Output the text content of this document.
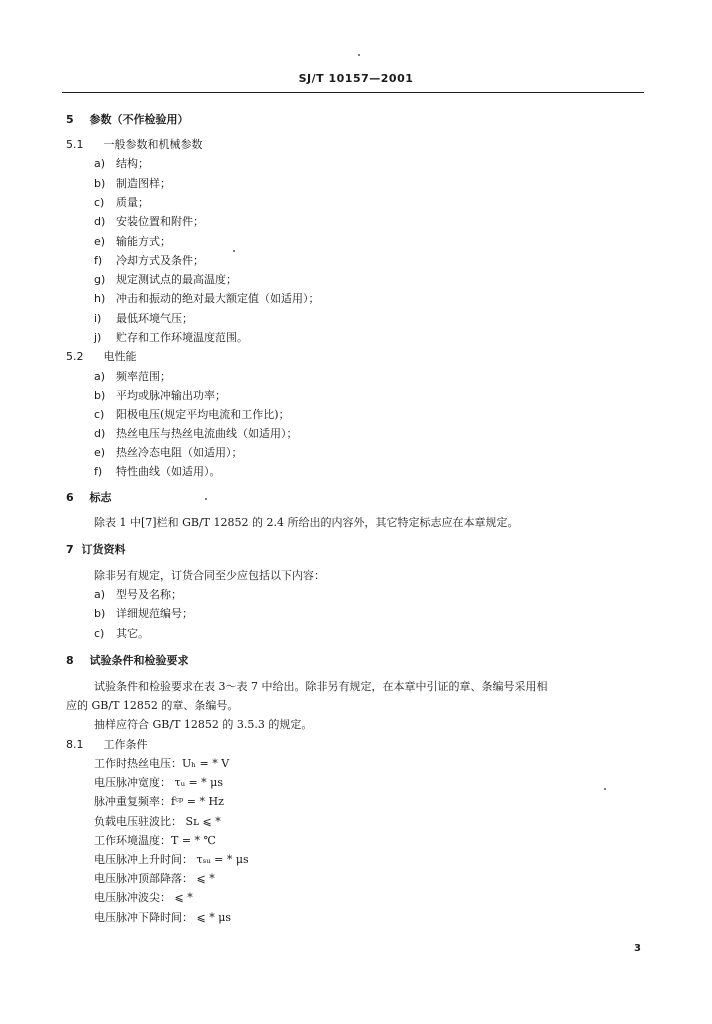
SJ/T 10157—2001
5 参数（不作检验用）
5.1 一般参数和机械参数
a) 结构；
b) 制造图样；
c) 质量；
d) 安装位置和附件；
e) 输能方式；
f) 冷却方式及条件；
g) 规定测试点的最高温度；
h) 冲击和振动的绝对最大额定值（如适用）；
i) 最低环境气压；
j) 贮存和工作环境温度范围。
5.2 电性能
a) 频率范围；
b) 平均或脉冲输出功率；
c) 阳极电压(规定平均电流和工作比)；
d) 热丝电压与热丝电流曲线（如适用）；
e) 热丝冷态电阻（如适用）；
f) 特性曲线（如适用）。
6 标志
除表 1 中[7]栏和 GB/T 12852 的 2.4 所给出的内容外，其它特定标志应在本章规定。
7 订货资料
除非另有规定，订货合同至少应包括以下内容：
a) 型号及名称；
b) 详细规范编号；
c) 其它。
8 试验条件和检验要求
试验条件和检验要求在表 3～表 7 中给出。除非另有规定，在本章中引证的章、条编号采用相
应的 GB/T 12852 的章、条编号。
抽样应符合 GB/T 12852 的 3.5.3 的规定。
8.1 工作条件
工作时热丝电压：Uₕ = * V
电压脉冲宽度： τᵤ = * μs
脉冲重复频率：fᶜᵖ = * Hz
负载电压驻波比： Sʟ ⩽ *
工作环境温度：T = * ℃
电压脉冲上升时间： τₛᵤ = * μs
电压脉冲顶部降落： ⩽ *
电压脉冲波尖： ⩽ *
电压脉冲下降时间： ⩽ * μs
3
